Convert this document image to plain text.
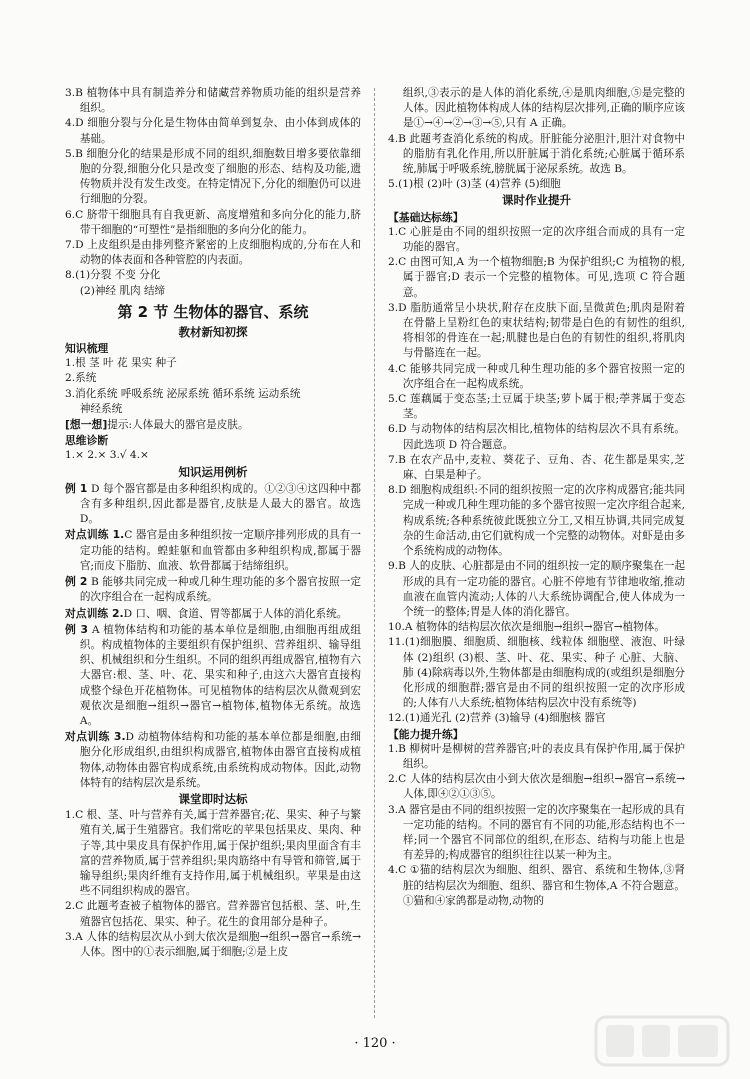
3.B 植物体中具有制造养分和储藏营养物质功能的组织是营养组织。

4.D 细胞分裂与分化是生物体由简单到复杂、由小体到成体的基础。

5.B 细胞分化的结果是形成不同的组织,细胞数目增多要依靠细胞的分裂,细胞分化只是改变了细胞的形态、结构及功能,遗传物质并没有发生改变。在特定情况下,分化的细胞仍可以进行细胞的分裂。

6.C 脐带干细胞具有自我更新、高度增殖和多向分化的能力,脐带干细胞的“可塑性”是指细胞的多向分化的能力。

7.D 上皮组织是由排列整齐紧密的上皮细胞构成的,分布在人和动物的体表面和各种管腔的内表面。

8.(1)分裂 不变 分化

(2)神经 肌肉 结缔

第 2 节 生物体的器官、系统

教材新知初探

知识梳理

1.根 茎 叶 花 果实 种子

2.系统

3.消化系统 呼吸系统 泌尿系统 循环系统 运动系统

神经系统

[想一想]提示:人体最大的器官是皮肤。

思维诊断

1.× 2.× 3.√ 4.×

知识运用例析

例 1 D 每个器官都是由多种组织构成的。①②③④这四种中都含有多种组织,因此都是器官,皮肤是人最大的器官。故选 D。

对点训练 1.C 器官是由多种组织按一定顺序排列形成的具有一定功能的结构。蝗蛙躯和血管都由多种组织构成,都属于器官;而皮下脂肪、血液、软骨都属于结缔组织。

例 2 B 能够共同完成一种或几种生理功能的多个器官按照一定的次序组合在一起构成系统。

对点训练 2.D 口、咽、食道、胃等都属于人体的消化系统。

例 3 A 植物体结构和功能的基本单位是细胞,由细胞再组成组织。构成植物体的主要组织有保护组织、营养组织、输导组织、机械组织和分生组织。不同的组织再组成器官,植物有六大器官:根、茎、叶、花、果实和种子,由这六大器官直接构成整个绿色开花植物体。可见植物体的结构层次从微观到宏观依次是细胞→组织→器官→植物体,植物体无系统。故选 A。

对点训练 3.D 动植物体结构和功能的基本单位都是细胞,由细胞分化形成组织,由组织构成器官,植物体由器官直接构成植物体,动物体由器官构成系统,由系统构成动物体。因此,动物体特有的结构层次是系统。

课堂即时达标

1.C 根、茎、叶与营养有关,属于营养器官;花、果实、种子与繁殖有关,属于生殖器官。我们常吃的苹果包括果皮、果肉、种子等,其中果皮具有保护作用,属于保护组织;果肉里面含有丰富的营养物质,属于营养组织;果肉筋络中有导管和筛管,属于输导组织;果肉纤维有支持作用,属于机械组织。苹果是由这些不同组织构成的器官。

2.C 此题考查被子植物体的器官。营养器官包括根、茎、叶,生殖器官包括花、果实、种子。花生的食用部分是种子。

3.A 人体的结构层次从小到大依次是细胞→组织→器官→系统→人体。图中的①表示细胞,属于细胞;②是上皮

组织,③表示的是人体的消化系统,④是肌肉细胞,⑤是完整的人体。因此植物体构成人体的结构层次排列,正确的顺序应该是①→④→②→③→⑤,只有 A 正确。

4.B 此题考查消化系统的构成。肝脏能分泌胆汁,胆汁对食物中的脂肪有乳化作用,所以肝脏属于消化系统;心脏属于循环系统,肺属于呼吸系统,膀胱属于泌尿系统。故选 B。

5.(1)根 (2)叶 (3)茎 (4)营养 (5)细胞

课时作业提升

【基础达标练】

1.C 心脏是由不同的组织按照一定的次序组合而成的具有一定功能的器官。

2.C 由图可知,A 为一个植物细胞;B 为保护组织;C 为植物的根,属于器官;D 表示一个完整的植物体。可见,选项 C 符合题意。

3.D 脂肪通常呈小块状,附存在皮肤下面,呈微黄色;肌肉是附着在骨骼上呈粉红色的束状结构;韧带是白色的有韧性的组织,将相邻的骨连在一起;肌腱也是白色的有韧性的组织,将肌肉与骨骼连在一起。

4.C 能够共同完成一种或几种生理功能的多个器官按照一定的次序组合在一起构成系统。

5.C 莲藕属于变态茎;土豆属于块茎;萝卜属于根;荸荠属于变态茎。

6.D 与动物体的结构层次相比,植物体的结构层次不具有系统。因此选项 D 符合题意。

7.B 在农产品中,麦粒、葵花子、豆角、杏、花生都是果实,芝麻、白果是种子。

8.D 细胞构成组织:不同的组织按照一定的次序构成器官;能共同完成一种或几种生理功能的多个器官按照一定次序组合起来,构成系统;各种系统彼此既独立分工,又相互协调,共同完成复杂的生命活动,由它们就构成一个完整的动物体。对虾是由多个系统构成的动物体。

9.B 人的皮肤、心脏都是由不同的组织按一定的顺序聚集在一起形成的具有一定功能的器官。心脏不停地有节律地收缩,推动血液在血管内流动;人体的八大系统协调配合,使人体成为一个统一的整体;胃是人体的消化器官。

10.A 植物体的结构层次依次是细胞→组织→器官→植物体。

11.(1)细胞膜、细胞质、细胞核、线粒体 细胞壁、液泡、叶绿体 (2)组织 (3)根、茎、叶、花、果实、种子 心脏、大脑、肺 (4)除病毒以外,生物体都是由细胞构成的(或组织是细胞分化形成的细胞群;器官是由不同的组织按照一定的次序形成的;人体有八大系统;植物体结构层次中没有系统等)

12.(1)通光孔 (2)营养 (3)输导 (4)细胞核 器官

【能力提升练】

1.B 柳树叶是柳树的营养器官;叶的表皮具有保护作用,属于保护组织。

2.C 人体的结构层次由小到大依次是细胞→组织→器官→系统→人体,即④②①③⑤。

3.A 器官是由不同的组织按照一定的次序聚集在一起形成的具有一定功能的结构。不同的器官有不同的功能,形态结构也不一样;同一个器官不同部位的组织,在形态、结构与功能上也是有差异的;构成器官的组织往往以某一种为主。

4.C ①猫的结构层次为细胞、组织、器官、系统和生物体,③肾脏的结构层次为细胞、组织、器官和生物体,A 不符合题意。①猫和④家鸽都是动物,动物的

· 120 ·
